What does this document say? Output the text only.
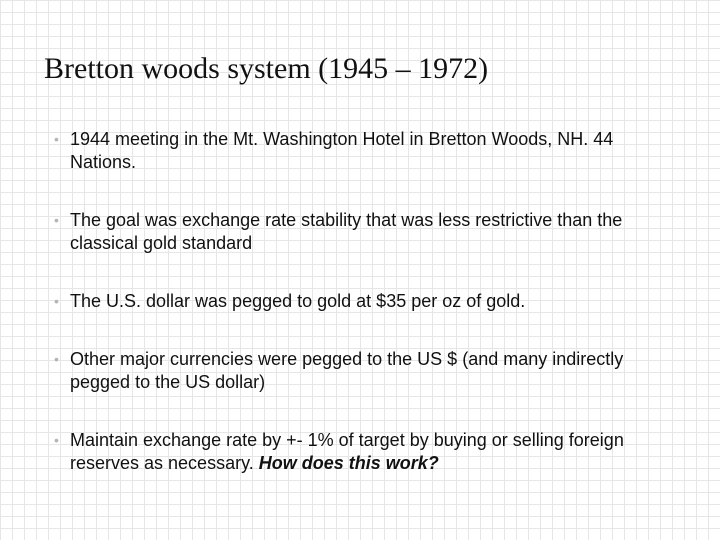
Bretton woods system (1945 – 1972)
• 1944 meeting in the Mt. Washington Hotel in Bretton Woods, NH. 44 Nations.
• The goal was exchange rate stability that was less restrictive than the classical gold standard
• The U.S. dollar was pegged to gold at $35 per oz of gold.
• Other major currencies were pegged to the US $ (and many indirectly pegged to the US dollar)
• Maintain exchange rate by +- 1% of target by buying or selling foreign reserves as necessary. How does this work?
